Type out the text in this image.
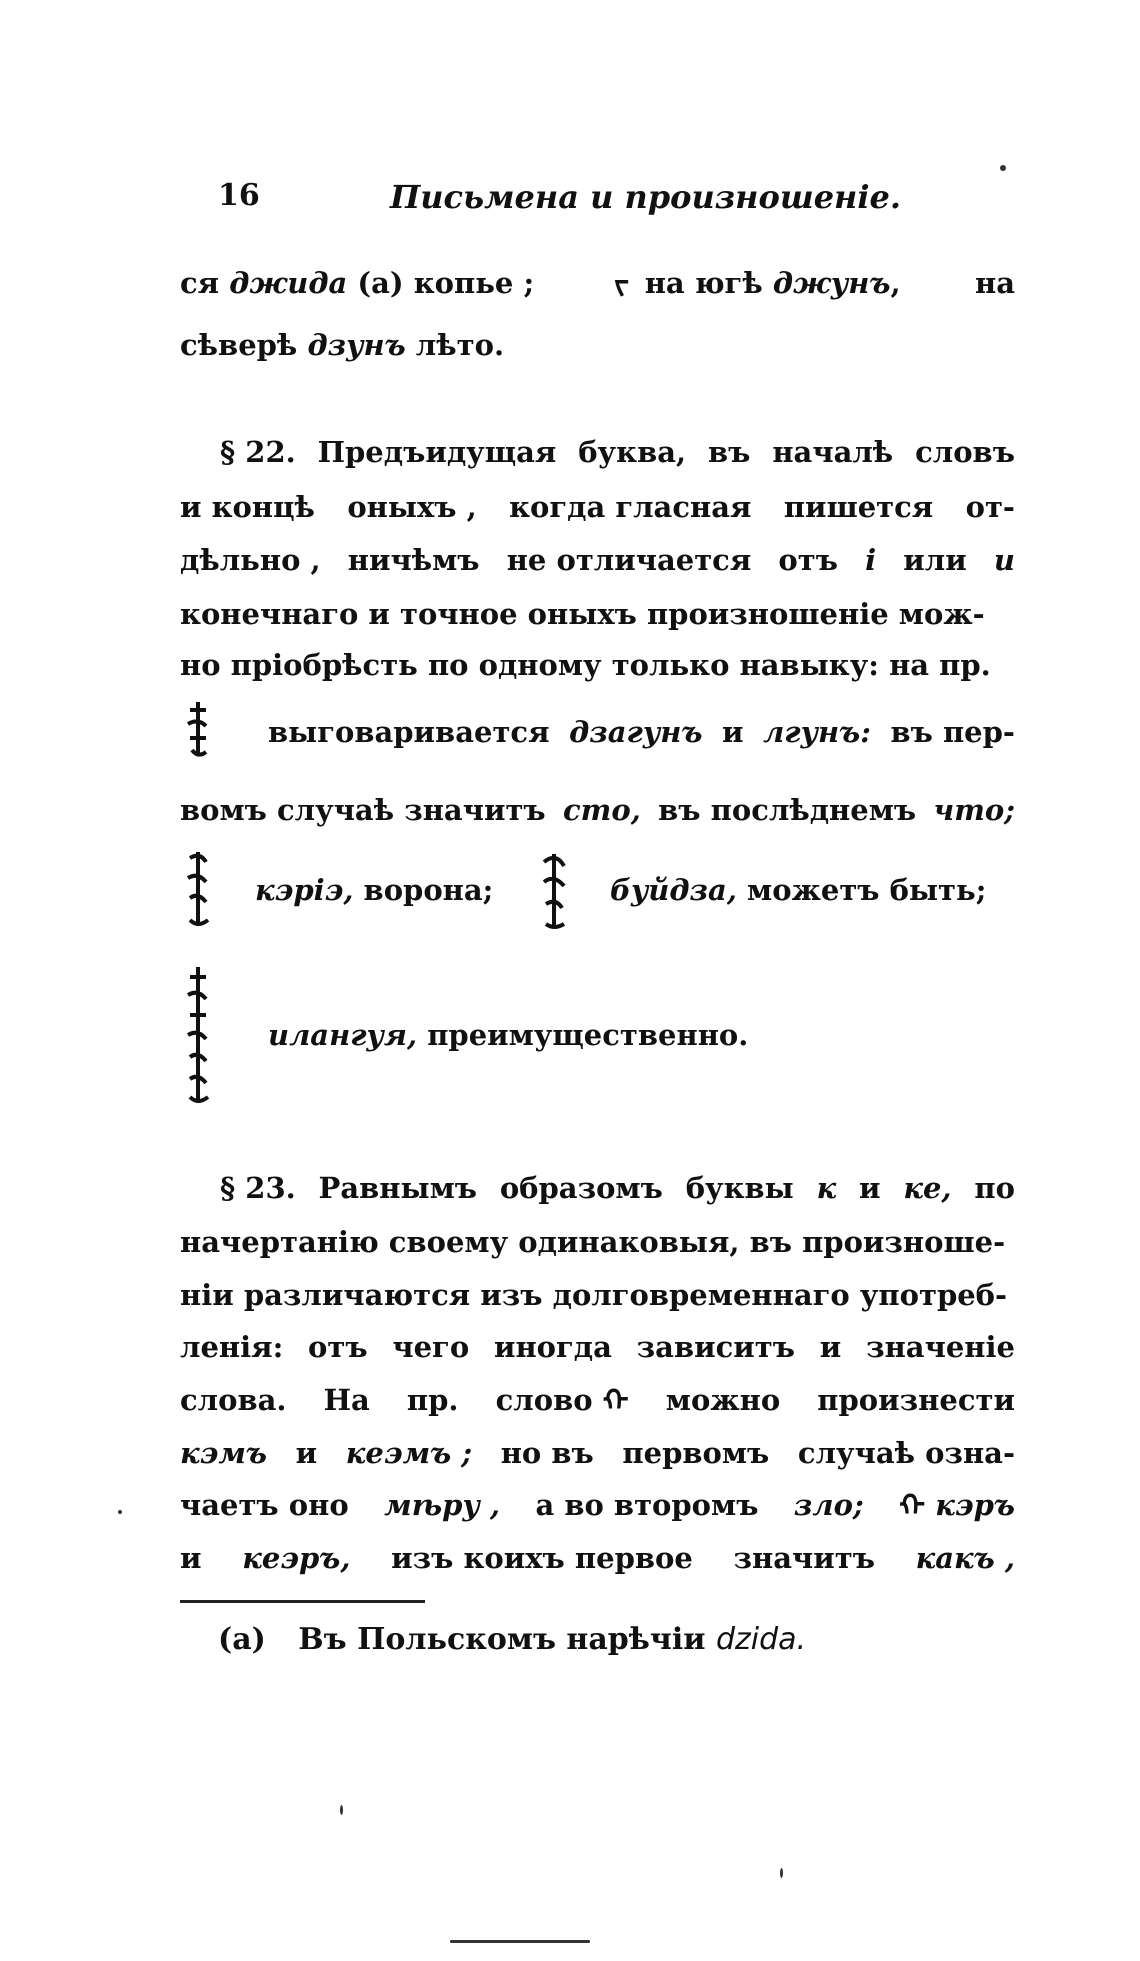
16	Письмена и произношеніе.
ся джида (а) копье ;	ᠵ на югѣ джунъ,	на
сѣверѣ дзунъ лѣто.
§ 22. Предъидущая буква, въ началѣ словъ
и концѣ оныхъ , когда гласная пишется от-
дѣльно , ничѣмъ не отличается отъ і или и
конечнаго и точное оныхъ произношеніе мож-
но пріобрѣсть по одному только навыку: на пр.
выговаривается дзагунъ и лгунъ: въ пер-
вомъ случаѣ значитъ сто, въ послѣднемъ что;
кэріэ, ворона;	буйдза, можетъ быть;
илангуя, преимущественно.
§ 23. Равнымъ образомъ буквы к и ке, по
начертанію своему одинаковыя, въ произноше-
ніи различаются изъ долговременнаго употреб-
ленія: отъ чего иногда зависитъ и значеніе
слова. На пр. слово ᠬ можно произнести
кэмъ и кеэмъ ; но въ первомъ случаѣ озна-
чаетъ оно мѣру , а во второмъ зло; ᠬ кэръ
и кеэръ, изъ коихъ первое значитъ какъ ,
(а) Въ Польскомъ нарѣчіи dzida.
